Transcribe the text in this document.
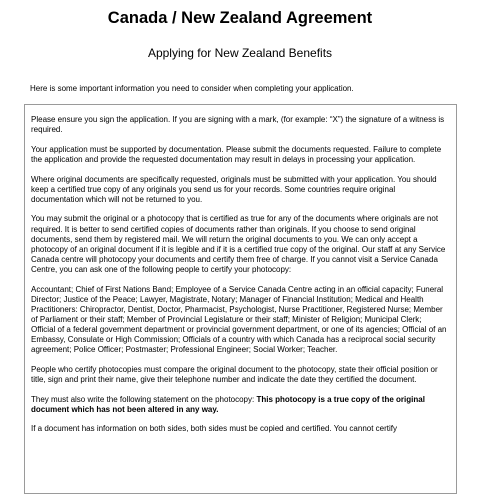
Canada / New Zealand Agreement
Applying for New Zealand Benefits
Here is some important information you need to consider when completing your application.

Please ensure you sign the application. If you are signing with a mark, (for example: “X”) the signature of a witness is required.

Your application must be supported by documentation. Please submit the documents requested. Failure to complete the application and provide the requested documentation may result in delays in processing your application.

Where original documents are specifically requested, originals must be submitted with your application. You should keep a certified true copy of any originals you send us for your records. Some countries require original documentation which will not be returned to you.

You may submit the original or a photocopy that is certified as true for any of the documents where originals are not required. It is better to send certified copies of documents rather than originals. If you choose to send original documents, send them by registered mail. We will return the original documents to you. We can only accept a photocopy of an original document if it is legible and if it is a certified true copy of the original. Our staff at any Service Canada centre will photocopy your documents and certify them free of charge. If you cannot visit a Service Canada Centre, you can ask one of the following people to certify your photocopy:

Accountant; Chief of First Nations Band; Employee of a Service Canada Centre acting in an official capacity; Funeral Director; Justice of the Peace; Lawyer, Magistrate, Notary; Manager of Financial Institution; Medical and Health Practitioners: Chiropractor, Dentist, Doctor, Pharmacist, Psychologist, Nurse Practitioner, Registered Nurse; Member of Parliament or their staff; Member of Provincial Legislature or their staff; Minister of Religion; Municipal Clerk; Official of a federal government department or provincial government department, or one of its agencies; Official of an Embassy, Consulate or High Commission; Officials of a country with which Canada has a reciprocal social security agreement; Police Officer; Postmaster; Professional Engineer; Social Worker; Teacher.

People who certify photocopies must compare the original document to the photocopy, state their official position or title, sign and print their name, give their telephone number and indicate the date they certified the document.

They must also write the following statement on the photocopy: This photocopy is a true copy of the original document which has not been altered in any way.

If a document has information on both sides, both sides must be copied and certified. You cannot certify
